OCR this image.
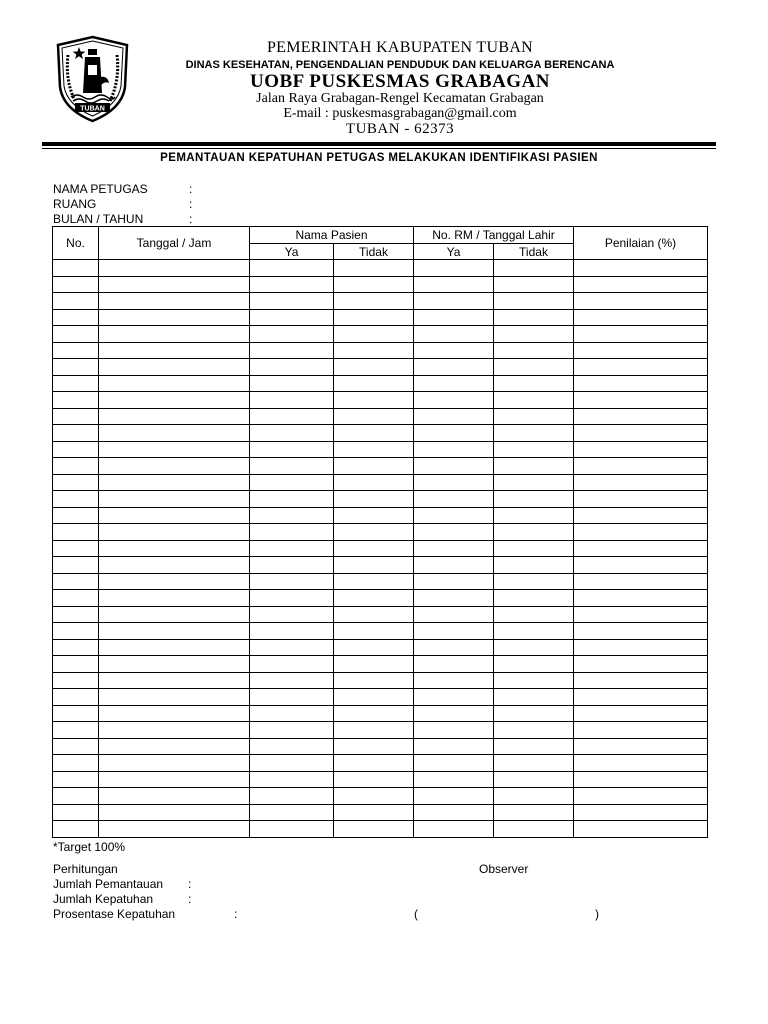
TUBAN
PEMERINTAH KABUPATEN TUBAN
DINAS KESEHATAN, PENGENDALIAN PENDUDUK DAN KELUARGA BERENCANA
UOBF PUSKESMAS GRABAGAN
Jalan Raya Grabagan-Rengel Kecamatan Grabagan
E-mail : puskesmasgrabagan@gmail.com
TUBAN - 62373
PEMANTAUAN KEPATUHAN PETUGAS MELAKUKAN IDENTIFIKASI PASIEN
NAMA PETUGAS	:
RUANG	:
BULAN / TAHUN	:
No.	Tanggal / Jam	Nama Pasien		No. RM / Tanggal Lahir		Penilaian (%)
		Ya	Tidak	Ya	Tidak	

*Target 100%
Perhitungan	Observer
Jumlah Pemantauan :
Jumlah Kepatuhan	:
Prosentase Kepatuhan	:	(	)
